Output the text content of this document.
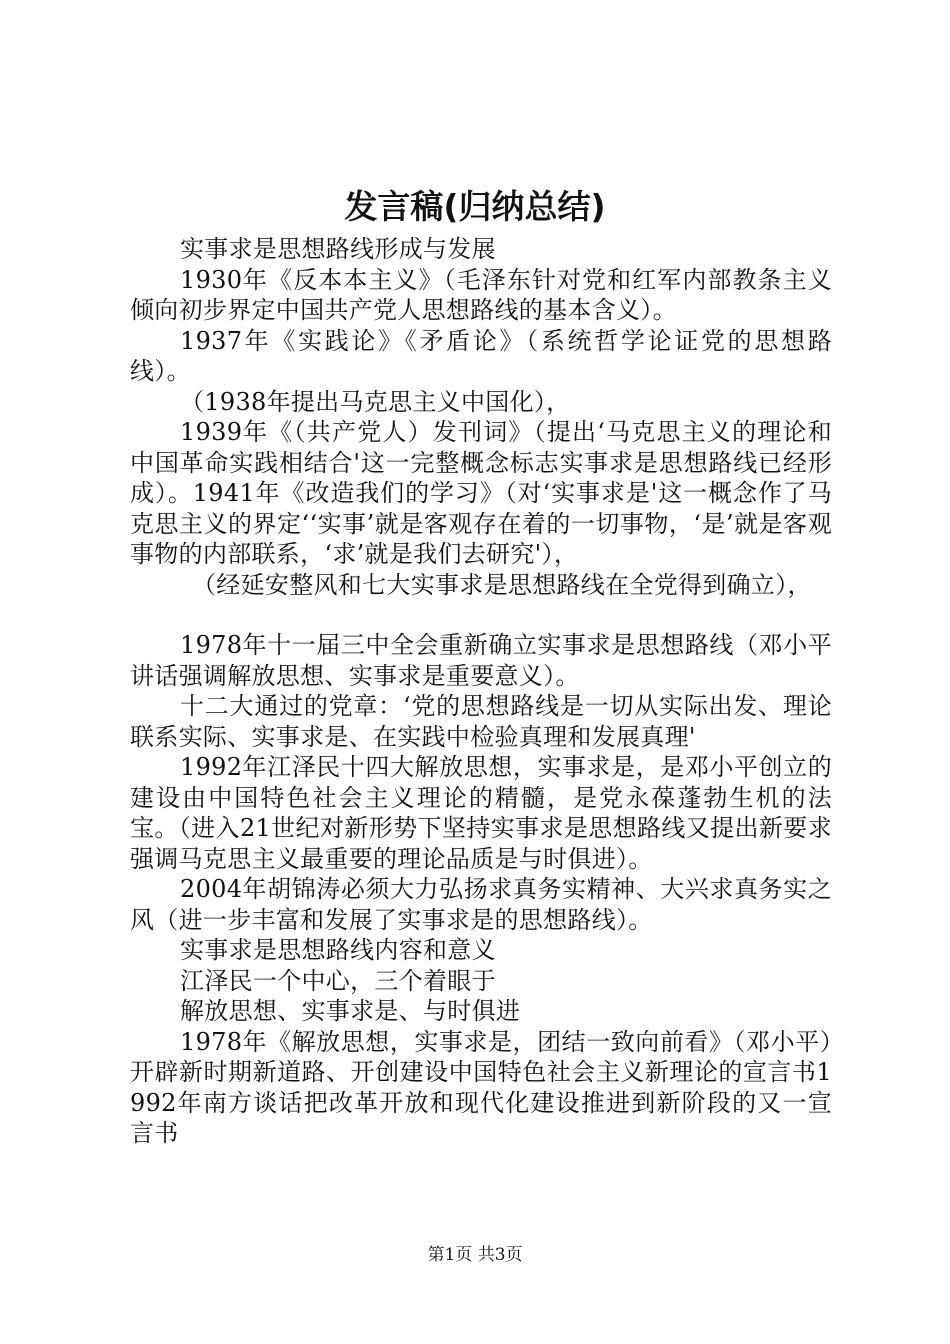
发言稿(归纳总结)

实事求是思想路线形成与发展

1930年《反本本主义》（毛泽东针对党和红军内部教条主义倾向初步界定中国共产党人思想路线的基本含义）。

1937年《实践论》《矛盾论》（系统哲学论证党的思想路线）。

（1938年提出马克思主义中国化），

1939年《（共产党人）发刊词》（提出‘马克思主义的理论和中国革命实践相结合'这一完整概念标志实事求是思想路线已经形成）。1941年《改造我们的学习》（对‘实事求是'这一概念作了马克思主义的界定‘‘实事’就是客观存在着的一切事物，‘是’就是客观事物的内部联系，‘求’就是我们去研究'），

（经延安整风和七大实事求是思想路线在全党得到确立），

1978年十一届三中全会重新确立实事求是思想路线（邓小平讲话强调解放思想、实事求是重要意义）。

十二大通过的党章：‘党的思想路线是一切从实际出发、理论联系实际、实事求是、在实践中检验真理和发展真理'

1992年江泽民十四大解放思想，实事求是，是邓小平创立的建设由中国特色社会主义理论的精髓，是党永葆蓬勃生机的法宝。（进入21世纪对新形势下坚持实事求是思想路线又提出新要求强调马克思主义最重要的理论品质是与时俱进）。

2004年胡锦涛必须大力弘扬求真务实精神、大兴求真务实之风（进一步丰富和发展了实事求是的思想路线）。

实事求是思想路线内容和意义

江泽民一个中心，三个着眼于

解放思想、实事求是、与时俱进

1978年《解放思想，实事求是，团结一致向前看》（邓小平）开辟新时期新道路、开创建设中国特色社会主义新理论的宣言书1992年南方谈话把改革开放和现代化建设推进到新阶段的又一宣言书

第1页 共3页
